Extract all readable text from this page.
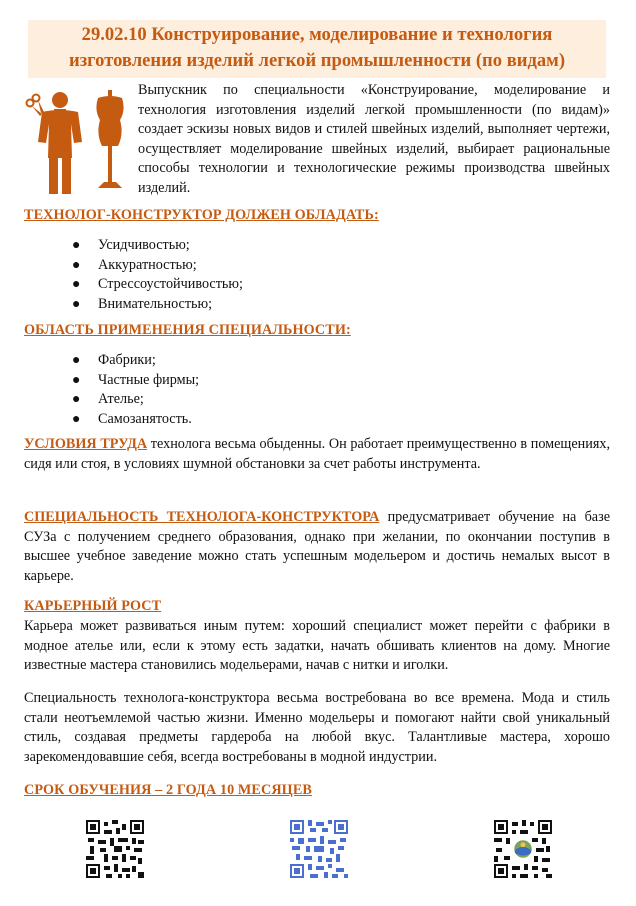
29.02.10 Конструирование, моделирование и технология
изготовления изделий легкой промышленности (по видам)
Выпускник по специальности «Конструирование, моделирование и технология изготовления изделий легкой промышленности (по видам)» создает эскизы новых видов и стилей швейных изделий, выполняет чертежи, осуществляет моделирование швейных изделий, выбирает рациональные способы технологии и технологические режимы производства швейных изделий.
ТЕХНОЛОГ-КОНСТРУКТОР ДОЛЖЕН ОБЛАДАТЬ:
● Усидчивостью;
● Аккуратностью;
● Стрессоустойчивостью;
● Внимательностью;
ОБЛАСТЬ ПРИМЕНЕНИЯ СПЕЦИАЛЬНОСТИ:
● Фабрики;
● Частные фирмы;
● Ателье;
● Самозанятость.
УСЛОВИЯ ТРУДА технолога весьма обыденны. Он работает преимущественно в помещениях, сидя или стоя, в условиях шумной обстановки за счет работы инструмента.
СПЕЦИАЛЬНОСТЬ ТЕХНОЛОГА-КОНСТРУКТОРА предусматривает обучение на базе СУЗа с получением среднего образования, однако при желании, по окончании поступив в высшее учебное заведение можно стать успешным модельером и достичь немалых высот в карьере.
КАРЬЕРНЫЙ РОСТ
Карьера может развиваться иным путем: хороший специалист может перейти с фабрики в модное ателье или, если к этому есть задатки, начать обшивать клиентов на дому. Многие известные мастера становились модельерами, начав с нитки и иголки.
Специальность технолога-конструктора весьма востребована во все времена. Мода и стиль стали неотъемлемой частью жизни. Именно модельеры и помогают найти свой уникальный стиль, создавая предметы гардероба на любой вкус. Талантливые мастера, хорошо зарекомендовавшие себя, всегда востребованы в модной индустрии.
СРОК ОБУЧЕНИЯ – 2 ГОДА 10 МЕСЯЦЕВ
